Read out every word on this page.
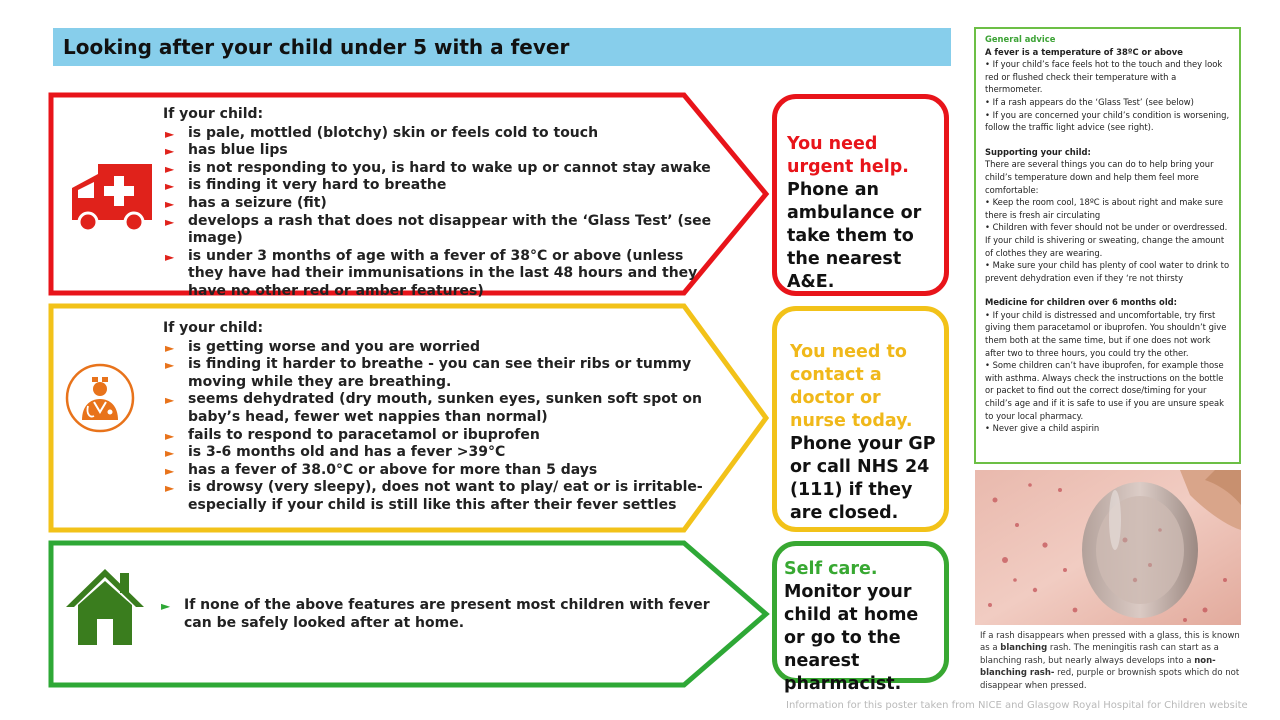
Looking after your child under 5 with a fever
If your child:
► is pale, mottled (blotchy) skin or feels cold to touch
► has blue lips
► is not responding to you, is hard to wake up or cannot stay awake
► is finding it very hard to breathe
► has a seizure (fit)
► develops a rash that does not disappear with the ‘Glass Test’ (see image)
► is under 3 months of age with a fever of 38°C or above (unless they have had their immunisations in the last 48 hours and they have no other red or amber features)
You need urgent help.
Phone an ambulance or take them to the nearest A&E.
If your child:
► is getting worse and you are worried
► is finding it harder to breathe - you can see their ribs or tummy moving while they are breathing.
► seems dehydrated (dry mouth, sunken eyes, sunken soft spot on baby’s head, fewer wet nappies than normal)
► fails to respond to paracetamol or ibuprofen
► is 3-6 months old and has a fever >39°C
► has a fever of 38.0°C or above for more than 5 days
► is drowsy (very sleepy), does not want to play/ eat or is irritable- especially if your child is still like this after their fever settles
You need to contact a doctor or nurse today.
Phone your GP or call NHS 24 (111) if they are closed.
► If none of the above features are present most children with fever can be safely looked after at home.
Self care.
Monitor your child at home or go to the nearest pharmacist.

General advice

A fever is a temperature of 38ºC or above

• If your child’s face feels hot to the touch and they look red or flushed check their temperature with a thermometer.

• If a rash appears do the ‘Glass Test’ (see below)

• If you are concerned your child’s condition is worsening, follow the traffic light advice (see right).

Supporting your child:

There are several things you can do to help bring your child’s temperature down and help them feel more comfortable:

• Keep the room cool, 18ºC is about right and make sure there is fresh air circulating

• Children with fever should not be under or overdressed. If your child is shivering or sweating, change the amount of clothes they are wearing.

• Make sure your child has plenty of cool water to drink to prevent dehydration even if they ‘re not thirsty

Medicine for children over 6 months old:

• If your child is distressed and uncomfortable, try first giving them paracetamol or ibuprofen. You shouldn’t give them both at the same time, but if one does not work after two to three hours, you could try the other.

• Some children can’t have ibuprofen, for example those with asthma. Always check the instructions on the bottle or packet to find out the correct dose/timing for your child’s age and if it is safe to use if you are unsure speak to your local pharmacy.

• Never give a child aspirin

If a rash disappears when pressed with a glass, this is known as a blanching rash. The meningitis rash can start as a blanching rash, but nearly always develops into a non-blanching rash- red, purple or brownish spots which do not disappear when pressed.
Information for this poster taken from NICE and Glasgow Royal Hospital for Children website
